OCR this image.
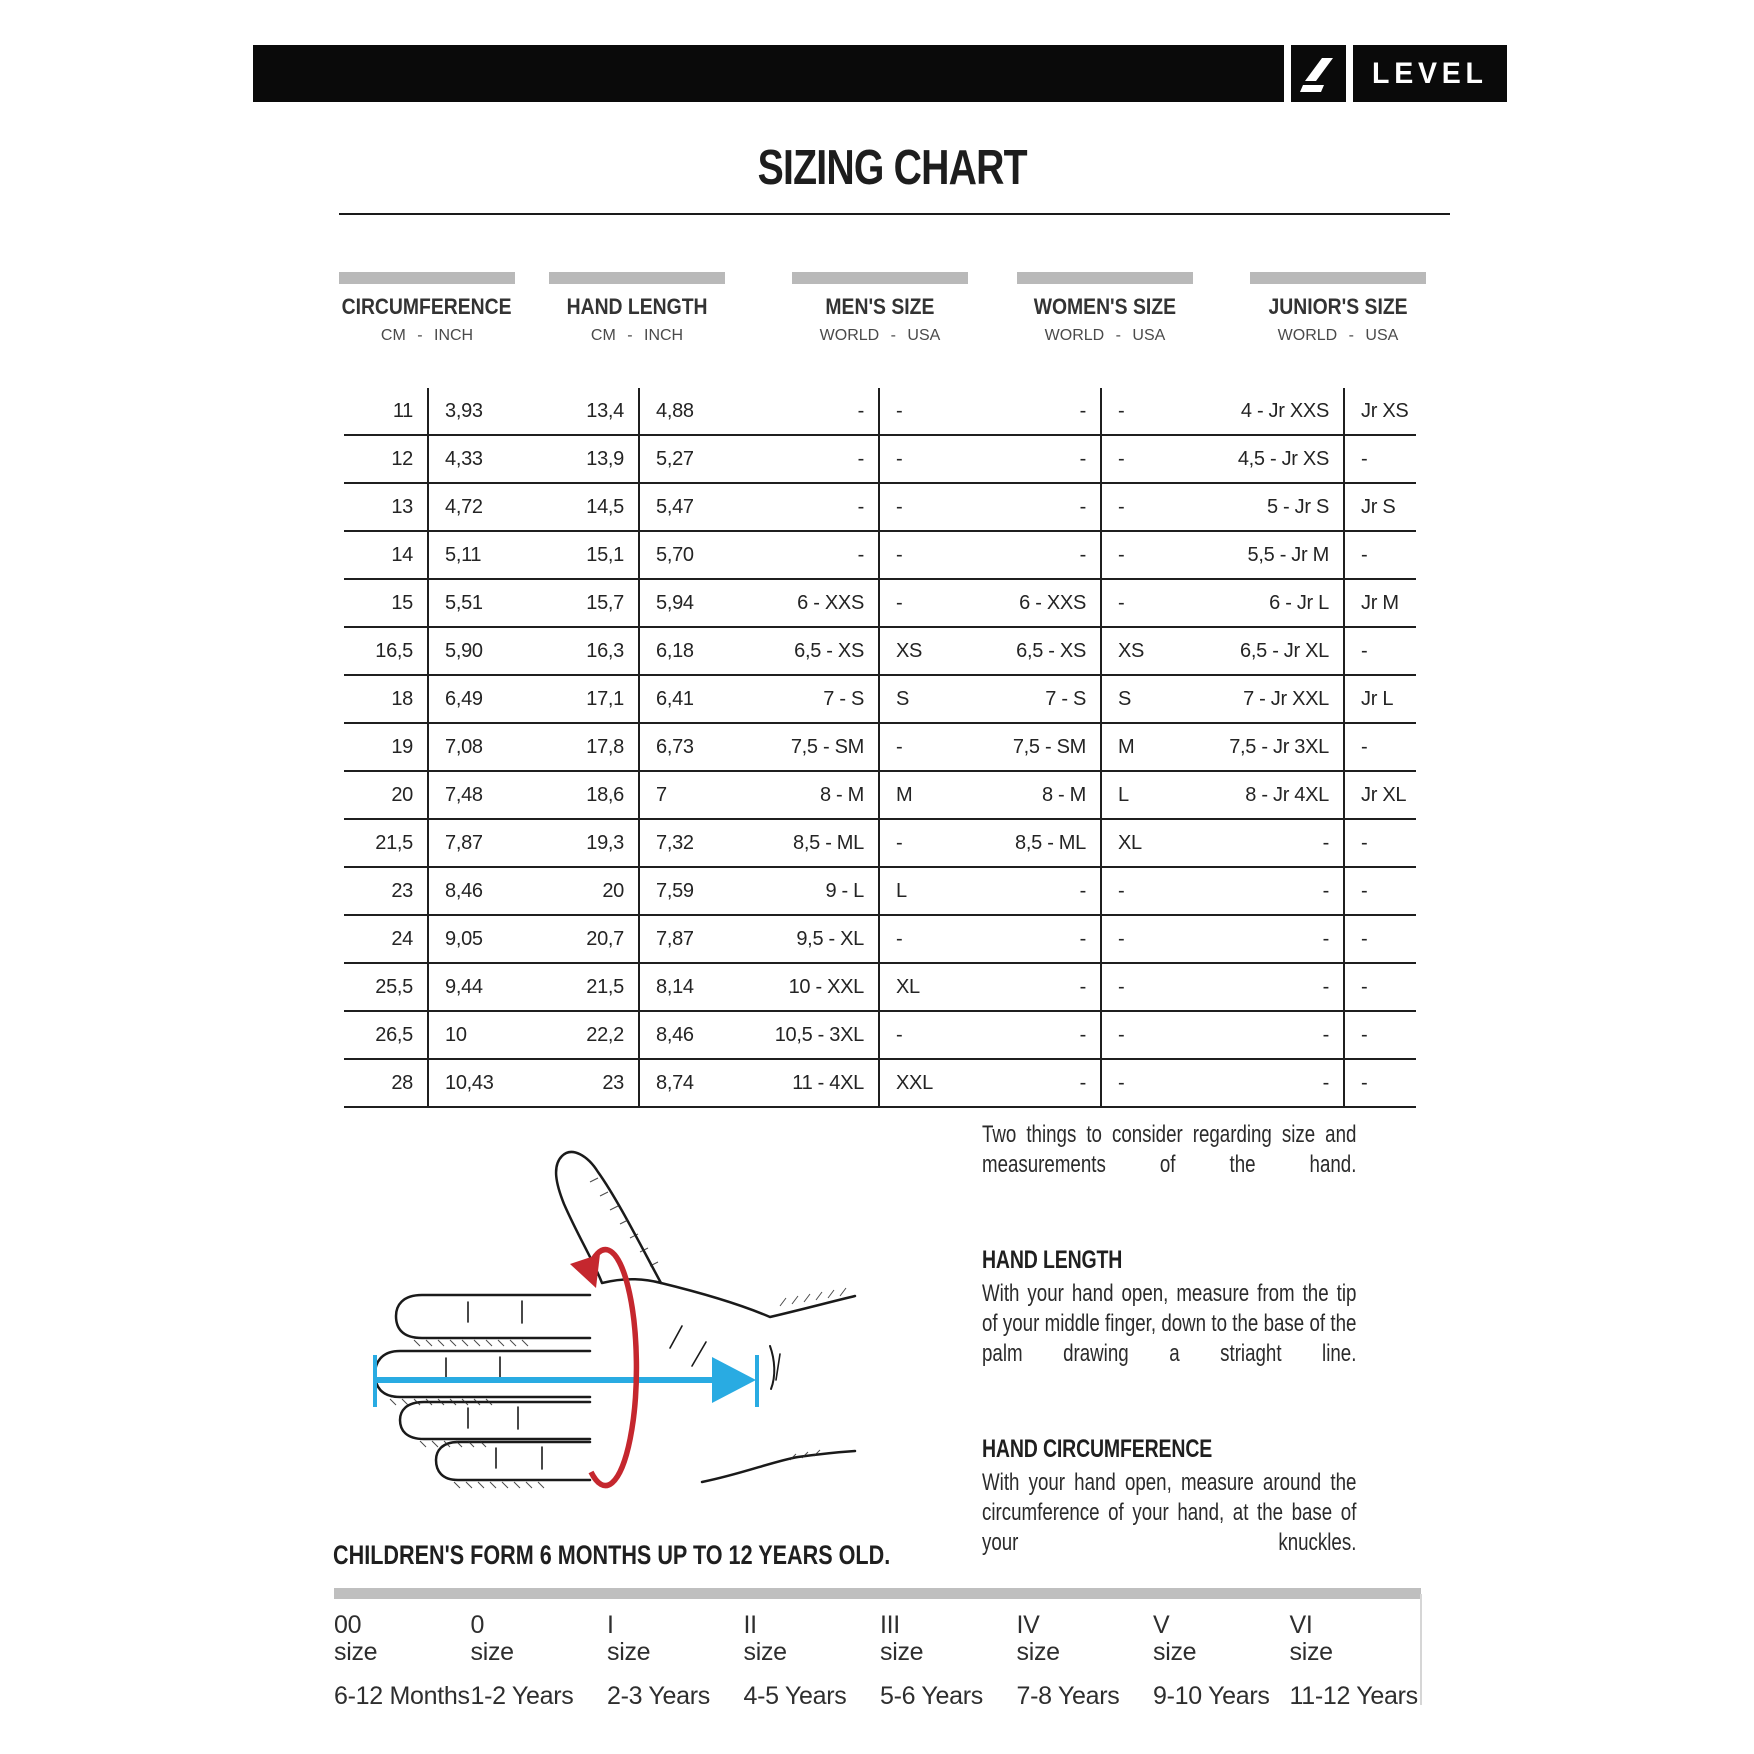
LEVEL
SIZING CHART
CIRCUMFERENCE
CM - INCH
HAND LENGTH
CM - INCH
MEN'S SIZE
WORLD - USA
WOMEN'S SIZE
WORLD - USA
JUNIOR'S SIZE
WORLD - USA
11	3,93	13,4	4,88	-	-	-	-	4 - Jr XXS	Jr XS
12	4,33	13,9	5,27	-	-	-	-	4,5 - Jr XS	-
13	4,72	14,5	5,47	-	-	-	-	5 - Jr S	Jr S
14	5,11	15,1	5,70	-	-	-	-	5,5 - Jr M	-
15	5,51	15,7	5,94	6 - XXS	-	6 - XXS	-	6 - Jr L	Jr M
16,5	5,90	16,3	6,18	6,5 - XS	XS	6,5 - XS	XS	6,5 - Jr XL	-
18	6,49	17,1	6,41	7 - S	S	7 - S	S	7 - Jr XXL	Jr L
19	7,08	17,8	6,73	7,5 - SM	-	7,5 - SM	M	7,5 - Jr 3XL	-
20	7,48	18,6	7	8 - M	M	8 - M	L	8 - Jr 4XL	Jr XL
21,5	7,87	19,3	7,32	8,5 - ML	-	8,5 - ML	XL	-	-
23	8,46	20	7,59	9 - L	L	-	-	-	-
24	9,05	20,7	7,87	9,5 - XL	-	-	-	-	-
25,5	9,44	21,5	8,14	10 - XXL	XL	-	-	-	-
26,5	10	22,2	8,46	10,5 - 3XL	-	-	-	-	-
28	10,43	23	8,74	11 - 4XL	XXL	-	-	-	-

Two things to consider regarding size and measurements of the hand.

HAND LENGTH

With your hand open, measure from the tip of your middle finger, down to the base of the palm drawing a striaght line.

HAND CIRCUMFERENCE

With your hand open, measure around the circumference of your hand, at the base of your knuckles.

CHILDREN'S FORM 6 MONTHS UP TO 12 YEARS OLD.
00
size
6-12 Months
0
size
1-2 Years
I
size
2-3 Years
II
size
4-5 Years
III
size
5-6 Years
IV
size
7-8 Years
V
size
9-10 Years
VI
size
11-12 Years
